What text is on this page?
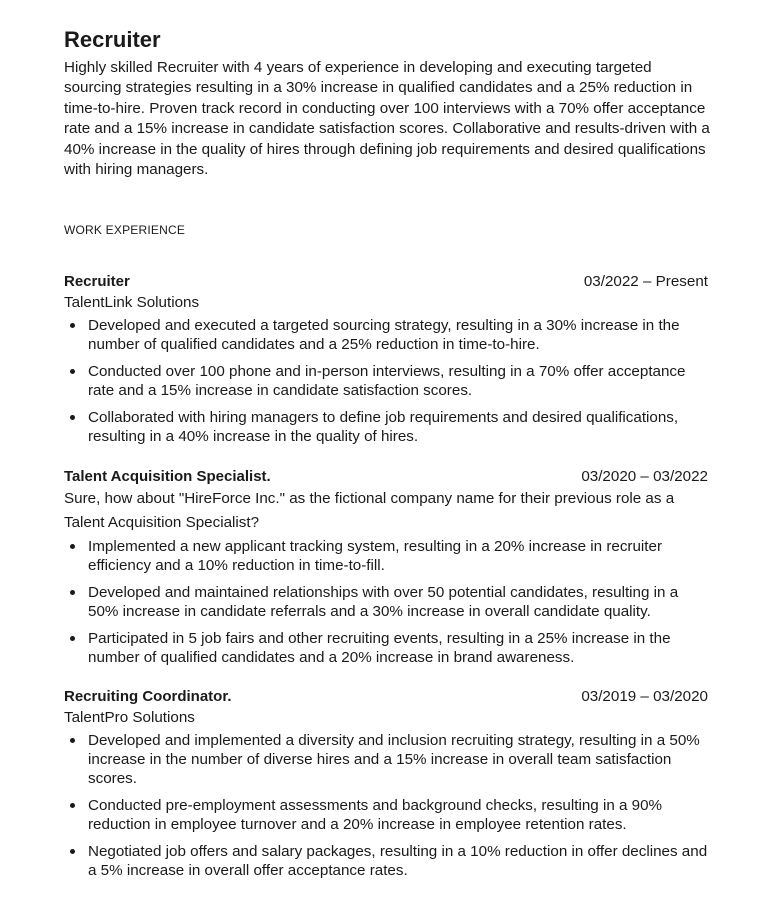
Recruiter

Highly skilled Recruiter with 4 years of experience in developing and executing targeted sourcing strategies resulting in a 30% increase in qualified candidates and a 25% reduction in time-to-hire. Proven track record in conducting over 100 interviews with a 70% offer acceptance rate and a 15% increase in candidate satisfaction scores. Collaborative and results-driven with a 40% increase in the quality of hires through defining job requirements and desired qualifications with hiring managers.

WORK EXPERIENCE
Recruiter	03/2022 – Present
TalentLink Solutions
Developed and executed a targeted sourcing strategy, resulting in a 30% increase in the number of qualified candidates and a 25% reduction in time-to-hire.
Conducted over 100 phone and in-person interviews, resulting in a 70% offer acceptance rate and a 15% increase in candidate satisfaction scores.
Collaborated with hiring managers to define job requirements and desired qualifications, resulting in a 40% increase in the quality of hires.
Talent Acquisition Specialist.	03/2020 – 03/2022
Sure, how about "HireForce Inc." as the fictional company name for their previous role as a Talent Acquisition Specialist?
Implemented a new applicant tracking system, resulting in a 20% increase in recruiter efficiency and a 10% reduction in time-to-fill.
Developed and maintained relationships with over 50 potential candidates, resulting in a 50% increase in candidate referrals and a 30% increase in overall candidate quality.
Participated in 5 job fairs and other recruiting events, resulting in a 25% increase in the number of qualified candidates and a 20% increase in brand awareness.
Recruiting Coordinator.	03/2019 – 03/2020
TalentPro Solutions
Developed and implemented a diversity and inclusion recruiting strategy, resulting in a 50% increase in the number of diverse hires and a 15% increase in overall team satisfaction scores.
Conducted pre-employment assessments and background checks, resulting in a 90% reduction in employee turnover and a 20% increase in employee retention rates.
Negotiated job offers and salary packages, resulting in a 10% reduction in offer declines and a 5% increase in overall offer acceptance rates.
